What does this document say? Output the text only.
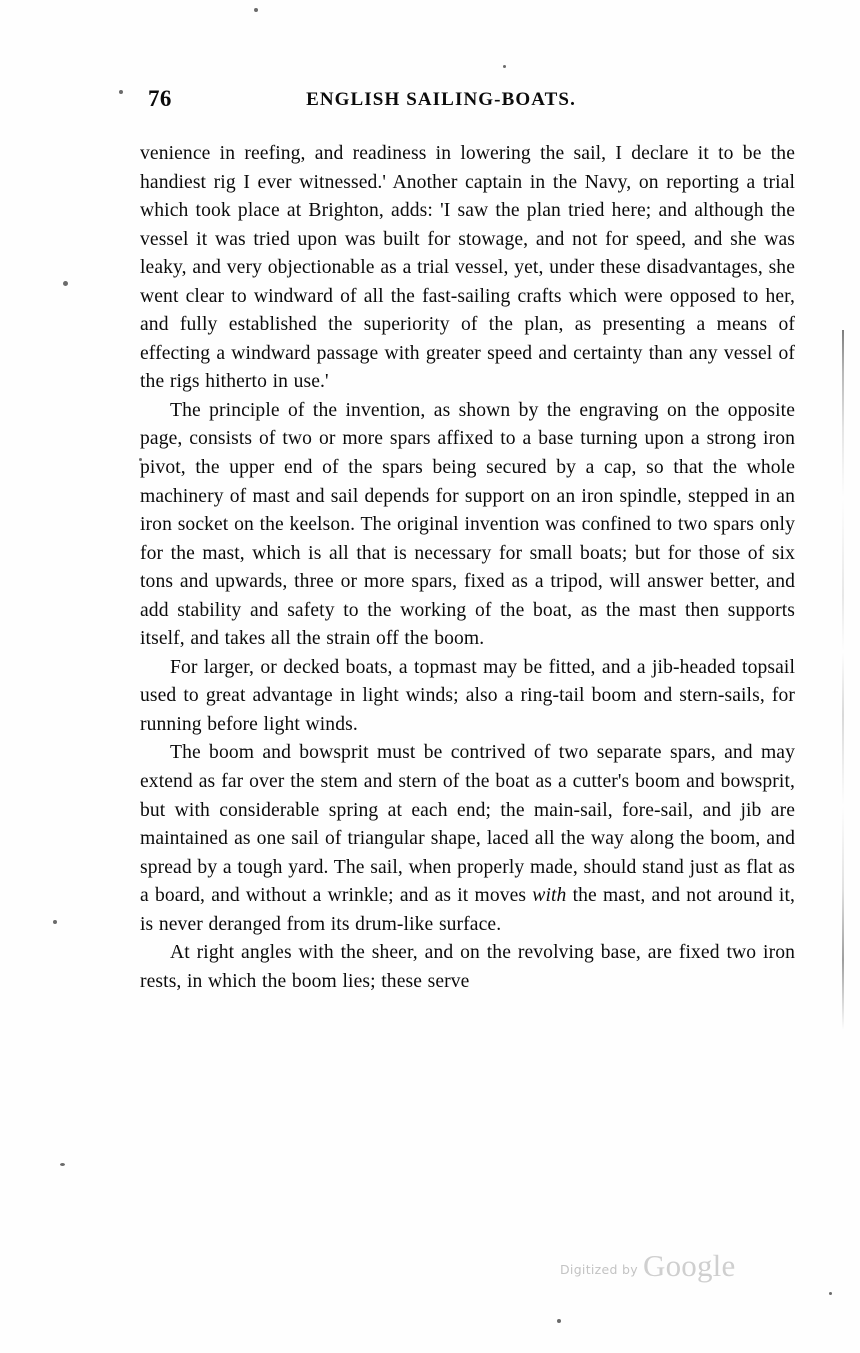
76	ENGLISH SAILING-BOATS.

venience in reefing, and readiness in lowering the sail, I declare it to be the handiest rig I ever witnessed.' Another captain in the Navy, on reporting a trial which took place at Brighton, adds: 'I saw the plan tried here; and although the vessel it was tried upon was built for stowage, and not for speed, and she was leaky, and very objectionable as a trial vessel, yet, under these disadvantages, she went clear to windward of all the fast-sailing crafts which were opposed to her, and fully established the superiority of the plan, as presenting a means of effecting a windward passage with greater speed and certainty than any vessel of the rigs hitherto in use.'

The principle of the invention, as shown by the engraving on the opposite page, consists of two or more spars affixed to a base turning upon a strong iron pivot, the upper end of the spars being secured by a cap, so that the whole machinery of mast and sail depends for support on an iron spindle, stepped in an iron socket on the keelson. The original invention was confined to two spars only for the mast, which is all that is necessary for small boats; but for those of six tons and upwards, three or more spars, fixed as a tripod, will answer better, and add stability and safety to the working of the boat, as the mast then supports itself, and takes all the strain off the boom.

For larger, or decked boats, a topmast may be fitted, and a jib-headed topsail used to great advantage in light winds; also a ring-tail boom and stern-sails, for running before light winds.

The boom and bowsprit must be contrived of two separate spars, and may extend as far over the stem and stern of the boat as a cutter's boom and bowsprit, but with considerable spring at each end; the main-sail, fore-sail, and jib are maintained as one sail of triangular shape, laced all the way along the boom, and spread by a tough yard. The sail, when properly made, should stand just as flat as a board, and without a wrinkle; and as it moves with the mast, and not around it, is never deranged from its drum-like surface.

At right angles with the sheer, and on the revolving base, are fixed two iron rests, in which the boom lies; these serve

Digitized by Google
